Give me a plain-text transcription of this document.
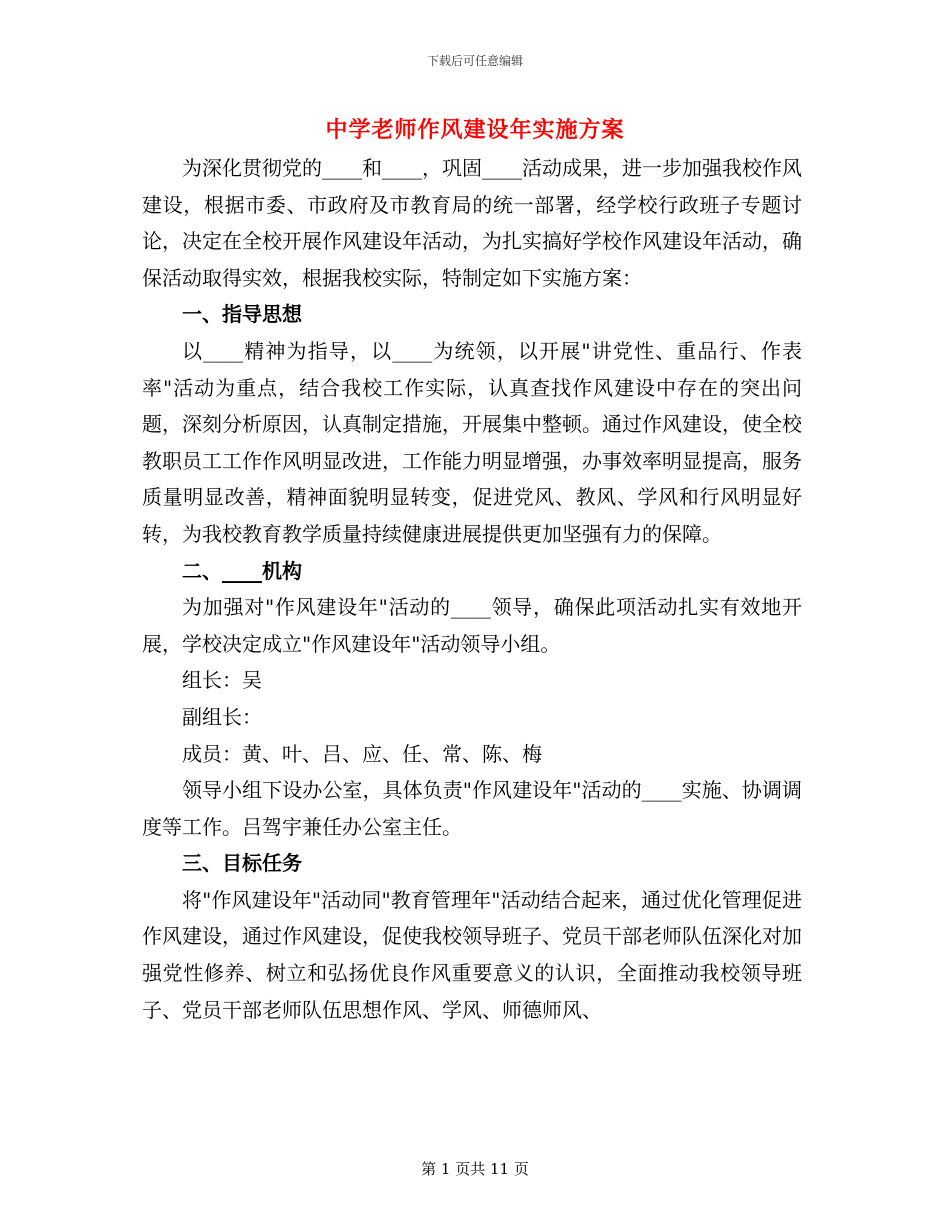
下载后可任意编辑
中学老师作风建设年实施方案

为深化贯彻党的____和____，巩固____活动成果，进一步加强我校作风建设，根据市委、市政府及市教育局的统一部署，经学校行政班子专题讨论，决定在全校开展作风建设年活动，为扎实搞好学校作风建设年活动，确保活动取得实效，根据我校实际，特制定如下实施方案：

一、指导思想

以____精神为指导，以____为统领，以开展"讲党性、重品行、作表率"活动为重点，结合我校工作实际，认真查找作风建设中存在的突出问题，深刻分析原因，认真制定措施，开展集中整顿。通过作风建设，使全校教职员工工作作风明显改进，工作能力明显增强，办事效率明显提高，服务质量明显改善，精神面貌明显转变，促进党风、教风、学风和行风明显好转，为我校教育教学质量持续健康进展提供更加坚强有力的保障。

二、____机构

为加强对"作风建设年"活动的____领导，确保此项活动扎实有效地开展，学校决定成立"作风建设年"活动领导小组。

组长：吴

副组长：

成员：黄、叶、吕、应、任、常、陈、梅

领导小组下设办公室，具体负责"作风建设年"活动的____实施、协调调度等工作。吕驾宇兼任办公室主任。

三、目标任务

将"作风建设年"活动同"教育管理年"活动结合起来，通过优化管理促进作风建设，通过作风建设，促使我校领导班子、党员干部老师队伍深化对加强党性修养、树立和弘扬优良作风重要意义的认识，全面推动我校领导班子、党员干部老师队伍思想作风、学风、师德师风、

第 1 页共 11 页
